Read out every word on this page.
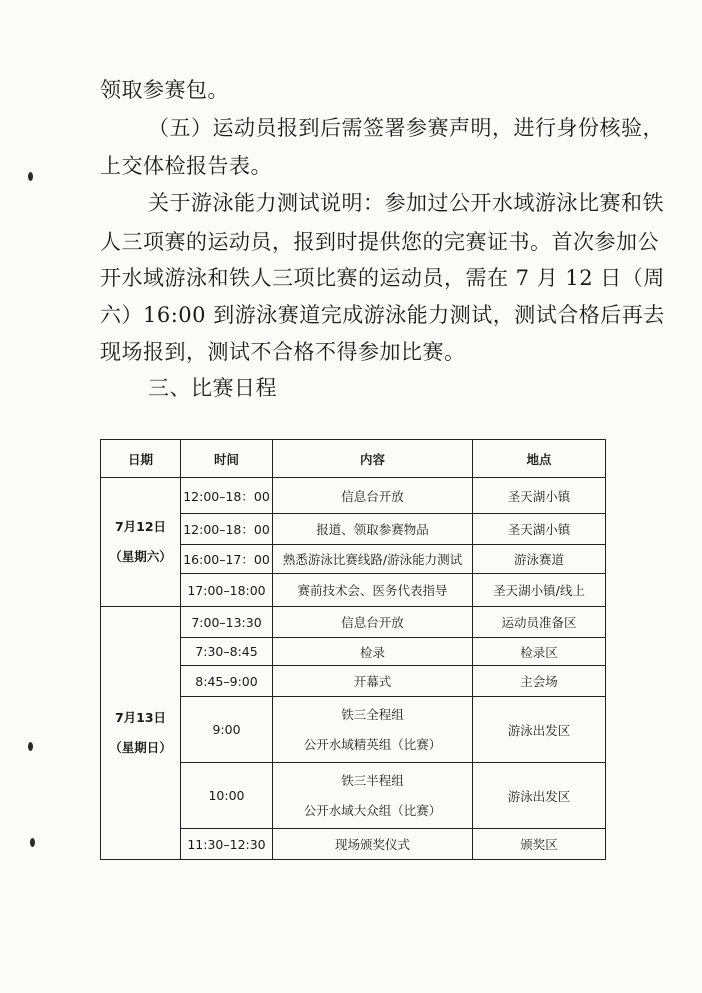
领取参赛包。
（五）运动员报到后需签署参赛声明，进行身份核验，
上交体检报告表。
关于游泳能力测试说明：参加过公开水域游泳比赛和铁
人三项赛的运动员，报到时提供您的完赛证书。首次参加公
开水域游泳和铁人三项比赛的运动员，需在 7 月 12 日（周
六）16:00 到游泳赛道完成游泳能力测试，测试合格后再去
现场报到，测试不合格不得参加比赛。
三、比赛日程
日期	时间	内容	地点

7月12日
（星期六）	12:00–18：00	信息台开放	圣天湖小镇
	12:00–18：00	报道、领取参赛物品	圣天湖小镇
	16:00–17：00	熟悉游泳比赛线路/游泳能力测试	游泳赛道
	17:00–18:00	赛前技术会、医务代表指导	圣天湖小镇/线上

7月13日
（星期日）	7:00–13:30	信息台开放	运动员准备区
	7:30–8:45	检录	检录区
	8:45–9:00	开幕式	主会场
	9:00	铁三全程组
公开水域精英组（比赛）	游泳出发区
	10:00	铁三半程组
公开水域大众组（比赛）	游泳出发区
	11:30–12:30	现场颁奖仪式	颁奖区
